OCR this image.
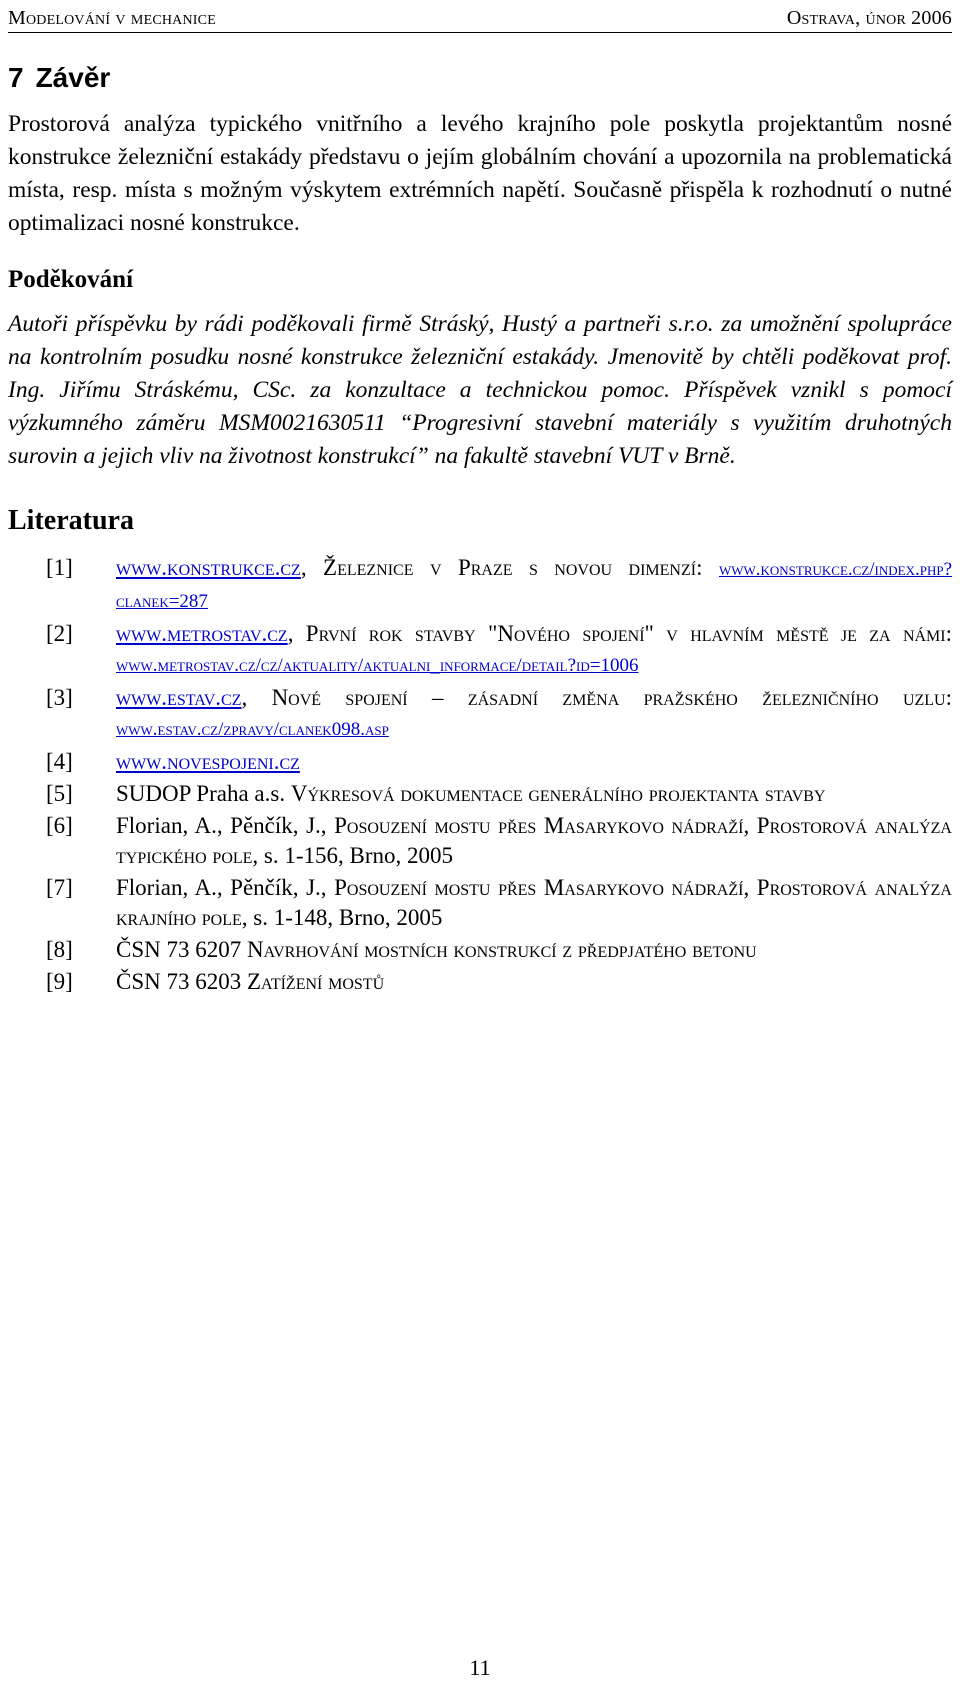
Modelování v mechanice	Ostrava, únor 2006
7 Závěr

Prostorová analýza typického vnitřního a levého krajního pole poskytla projektantům nosné konstrukce železniční estakády představu o jejím globálním chování a upozornila na problematická místa, resp. místa s možným výskytem extrémních napětí. Současně přispěla k rozhodnutí o nutné optimalizaci nosné konstrukce.

Poděkování

Autoři příspěvku by rádi poděkovali firmě Stráský, Hustý a partneři s.r.o. za umožnění spolupráce na kontrolním posudku nosné konstrukce železniční estakády. Jmenovitě by chtěli poděkovat prof. Ing. Jiřímu Stráskému, CSc. za konzultace a technickou pomoc. Příspěvek vznikl s pomocí výzkumného záměru MSM0021630511 “Progresivní stavební materiály s využitím druhotných surovin a jejich vliv na životnost konstrukcí” na fakultě stavební VUT v Brně.

Literatura
[1]	www.konstrukce.cz, Železnice v Praze s novou dimenzí: www.konstrukce.cz/index.php?clanek=287
[2]	www.metrostav.cz, První rok stavby "Nového spojení" v hlavním městě je za námi: www.metrostav.cz/cz/aktuality/aktualni_informace/detail?id=1006
[3]	www.estav.cz, Nové spojení – zásadní změna pražského železničního uzlu: www.estav.cz/zpravy/clanek098.asp
[4]	www.novespojeni.cz
[5]	SUDOP Praha a.s. Výkresová dokumentace generálního projektanta stavby
[6]	Florian, A., Pěnčík, J., Posouzení mostu přes Masarykovo nádraží, Prostorová analýza typického pole, s. 1-156, Brno, 2005
[7]	Florian, A., Pěnčík, J., Posouzení mostu přes Masarykovo nádraží, Prostorová analýza krajního pole, s. 1-148, Brno, 2005
[8]	ČSN 73 6207 Navrhování mostních konstrukcí z předpjatého betonu
[9]	ČSN 73 6203 Zatížení mostů
11
